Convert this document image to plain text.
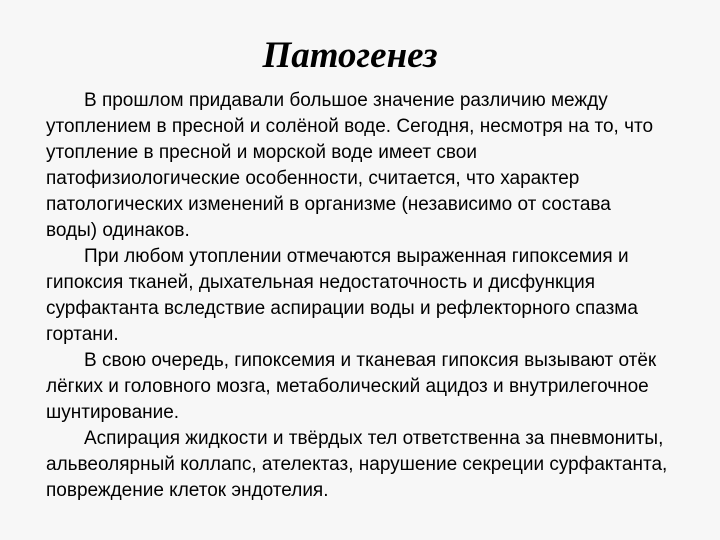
Патогенез
В прошлом придавали большое значение различию между
утоплением в пресной и солёной воде. Сегодня, несмотря на то, что
утопление в пресной и морской воде имеет свои
патофизиологические особенности, считается, что характер
патологических изменений в организме (независимо от состава
воды) одинаков.
При любом утоплении отмечаются выраженная гипоксемия и
гипоксия тканей, дыхательная недостаточность и дисфункция
сурфактанта вследствие аспирации воды и рефлекторного спазма
гортани.
В свою очередь, гипоксемия и тканевая гипоксия вызывают отёк
лёгких и головного мозга, метаболический ацидоз и внутрилегочное
шунтирование.
Аспирация жидкости и твёрдых тел ответственна за пневмониты,
альвеолярный коллапс, ателектаз, нарушение секреции сурфактанта,
повреждение клеток эндотелия.
